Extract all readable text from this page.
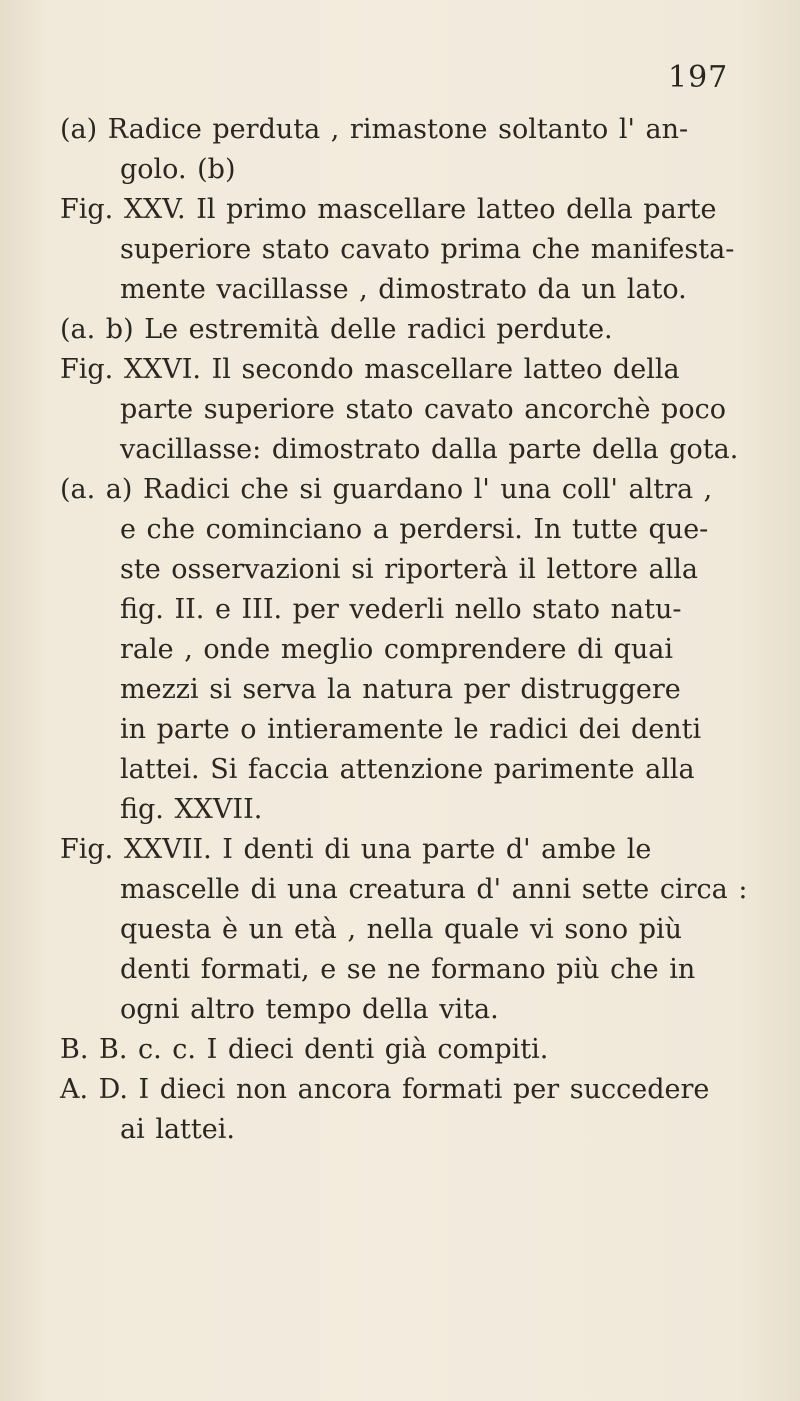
197
(a) Radice perduta , rimastone soltanto l' an-
golo. (b)
Fig. XXV. Il primo mascellare latteo della parte
superiore stato cavato prima che manifesta-
mente vacillasse , dimostrato da un lato.
(a. b) Le estremità delle radici perdute.
Fig. XXVI. Il secondo mascellare latteo della
parte superiore stato cavato ancorchè poco
vacillasse: dimostrato dalla parte della gota.
(a. a) Radici che si guardano l' una coll' altra ,
e che cominciano a perdersi. In tutte que-
ste osservazioni si riporterà il lettore alla
fig. II. e III. per vederli nello stato natu-
rale , onde meglio comprendere di quai
mezzi si serva la natura per distruggere
in parte o intieramente le radici dei denti
lattei. Si faccia attenzione parimente alla
fig. XXVII.
Fig. XXVII. I denti di una parte d' ambe le
mascelle di una creatura d' anni sette circa :
questa è un età , nella quale vi sono più
denti formati, e se ne formano più che in
ogni altro tempo della vita.
B. B. c. c. I dieci denti già compiti.
A. D. I dieci non ancora formati per succedere
ai lattei.
